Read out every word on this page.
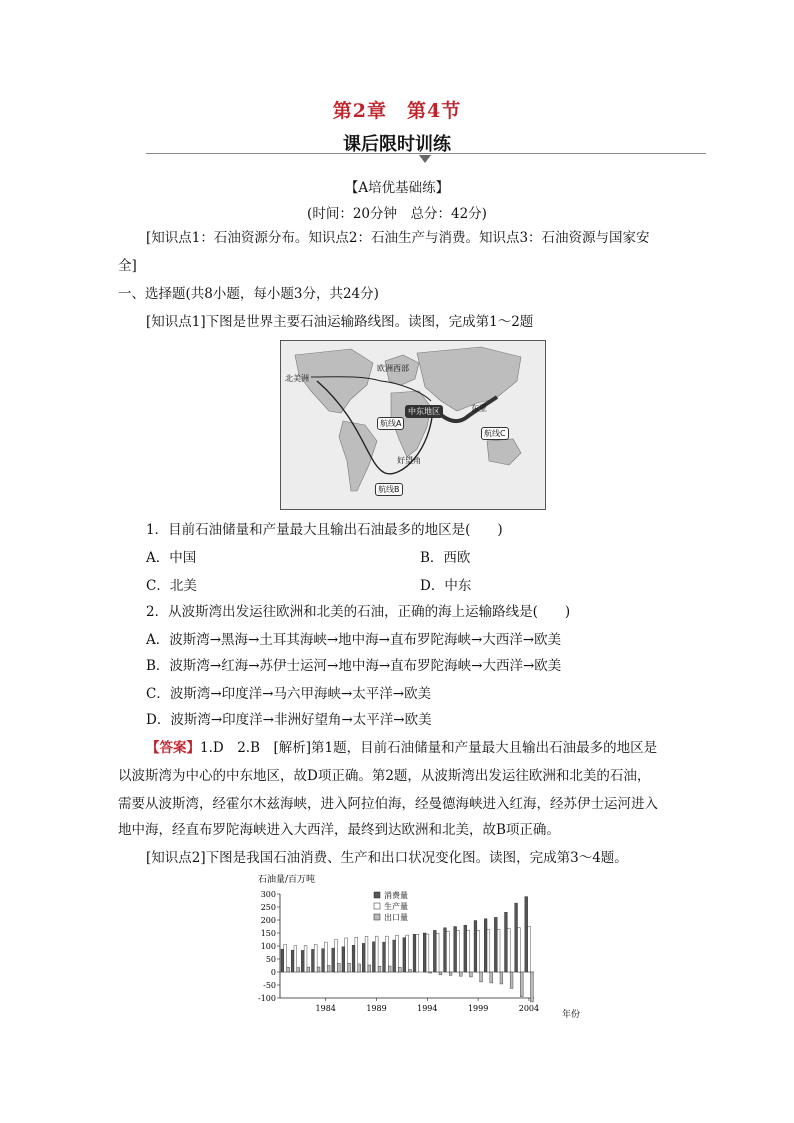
第2章　第4节
课后限时训练
【A培优基础练】
(时间：20分钟　总分：42分)
[知识点1：石油资源分布。知识点2：石油生产与消费。知识点3：石油资源与国家安
全]
一、选择题(共8小题，每小题3分，共24分)
[知识点1]下图是世界主要石油运输路线图。读图，完成第1～2题
北美洲
欧洲西部
中东地区	东亚
航线A
航线B
航线C
好望角
1．目前石油储量和产量最大且输出石油最多的地区是(　　)
A．中国	B．西欧
C．北美	D．中东
2．从波斯湾出发运往欧洲和北美的石油，正确的海上运输路线是(　　)
A．波斯湾→黑海→土耳其海峡→地中海→直布罗陀海峡→大西洋→欧美
B．波斯湾→红海→苏伊士运河→地中海→直布罗陀海峡→大西洋→欧美
C．波斯湾→印度洋→马六甲海峡→太平洋→欧美
D．波斯湾→印度洋→非洲好望角→太平洋→欧美
【答案】1.D　2.B　[解析]第1题，目前石油储量和产量最大且输出石油最多的地区是
以波斯湾为中心的中东地区，故D项正确。第2题，从波斯湾出发运往欧洲和北美的石油，
需要从波斯湾，经霍尔木兹海峡，进入阿拉伯海，经曼德海峡进入红海，经苏伊士运河进入
地中海，经直布罗陀海峡进入大西洋，最终到达欧洲和北美，故B项正确。
[知识点2]下图是我国石油消费、生产和出口状况变化图。读图，完成第3～4题。
石油量/百万吨
年份
300
250
200
150
100
50
0
-50
-100
1984	1989	1994	1999	2004
消费量
生产量
出口量
